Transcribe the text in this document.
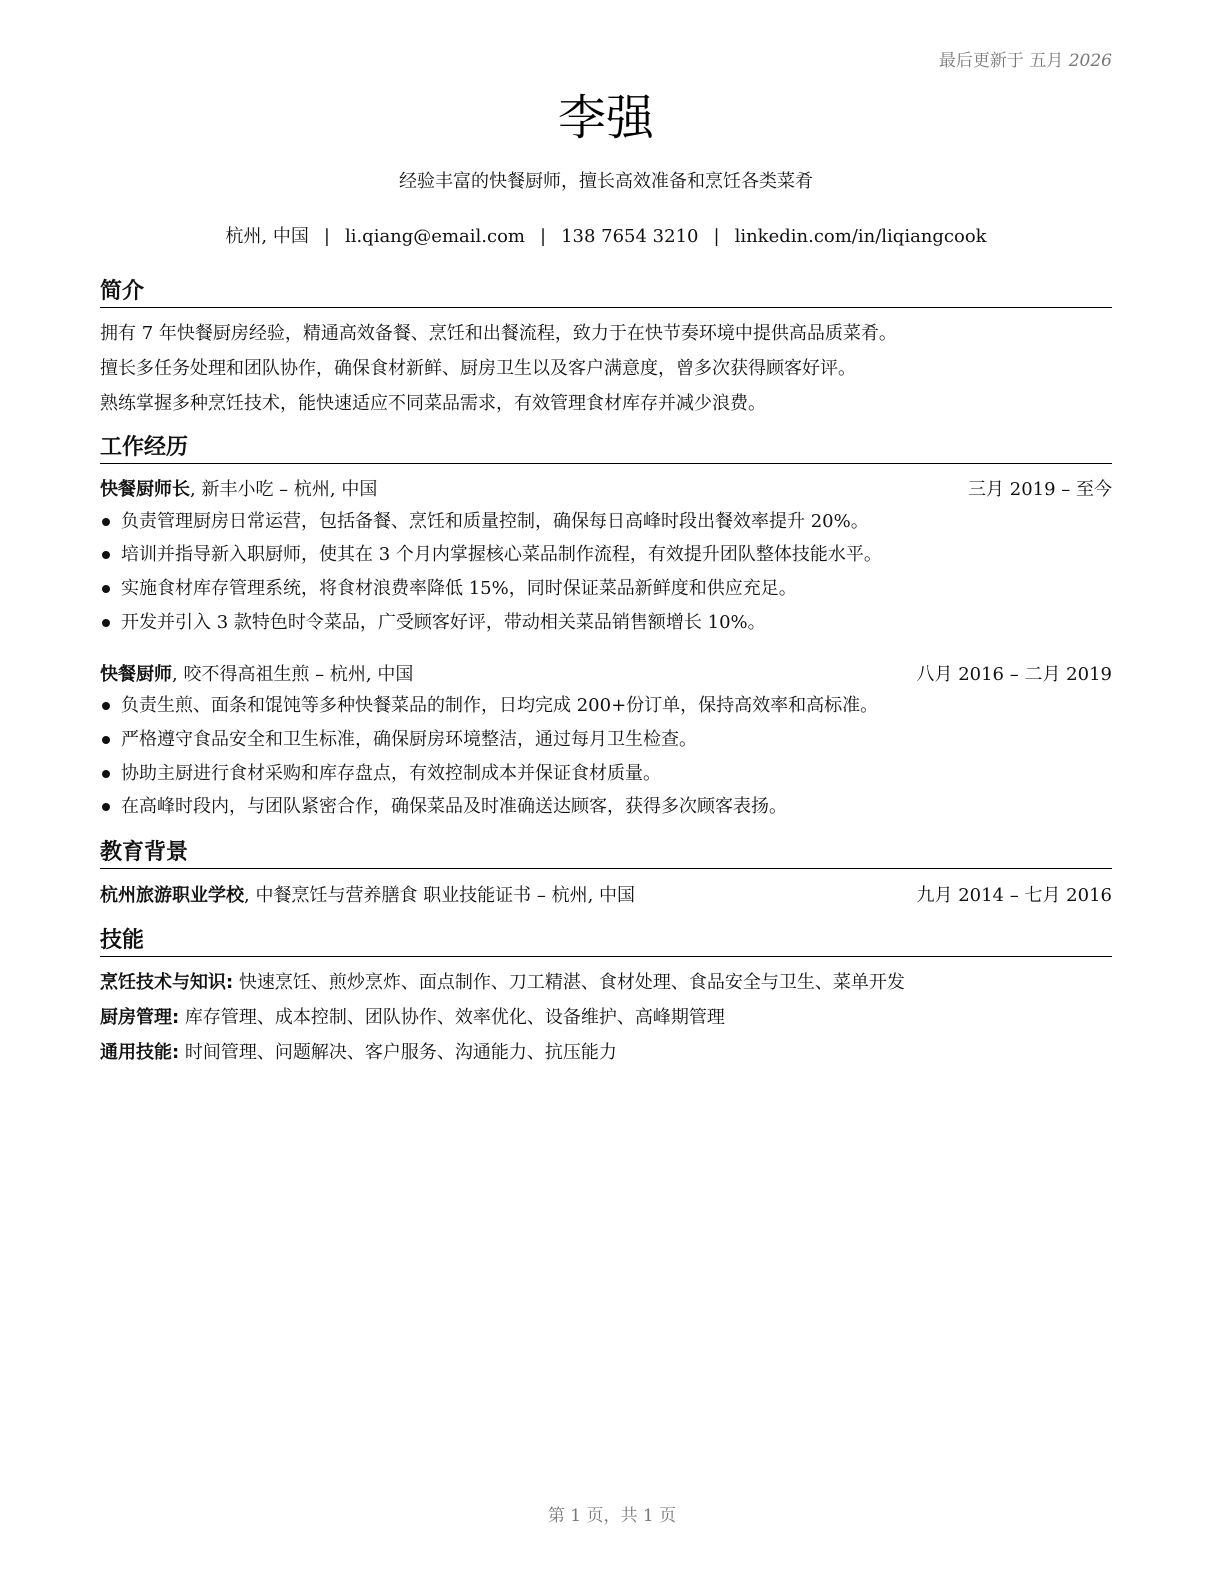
最后更新于 五月 2026
李强
经验丰富的快餐厨师，擅长高效准备和烹饪各类菜肴
杭州, 中国 | li.qiang@email.com | 138 7654 3210 | linkedin.com/in/liqiangcook
简介
拥有 7 年快餐厨房经验，精通高效备餐、烹饪和出餐流程，致力于在快节奏环境中提供高品质菜肴。
擅长多任务处理和团队协作，确保食材新鲜、厨房卫生以及客户满意度，曾多次获得顾客好评。
熟练掌握多种烹饪技术，能快速适应不同菜品需求，有效管理食材库存并减少浪费。
工作经历
快餐厨师长, 新丰小吃 – 杭州, 中国	三月 2019 – 至今
负责管理厨房日常运营，包括备餐、烹饪和质量控制，确保每日高峰时段出餐效率提升 20%。
培训并指导新入职厨师，使其在 3 个月内掌握核心菜品制作流程，有效提升团队整体技能水平。
实施食材库存管理系统，将食材浪费率降低 15%，同时保证菜品新鲜度和供应充足。
开发并引入 3 款特色时令菜品，广受顾客好评，带动相关菜品销售额增长 10%。
快餐厨师, 咬不得高祖生煎 – 杭州, 中国	八月 2016 – 二月 2019
负责生煎、面条和馄饨等多种快餐菜品的制作，日均完成 200+份订单，保持高效率和高标准。
严格遵守食品安全和卫生标准，确保厨房环境整洁，通过每月卫生检查。
协助主厨进行食材采购和库存盘点，有效控制成本并保证食材质量。
在高峰时段内，与团队紧密合作，确保菜品及时准确送达顾客，获得多次顾客表扬。
教育背景
杭州旅游职业学校, 中餐烹饪与营养膳食 职业技能证书 – 杭州, 中国	九月 2014 – 七月 2016
技能
烹饪技术与知识: 快速烹饪、煎炒烹炸、面点制作、刀工精湛、食材处理、食品安全与卫生、菜单开发
厨房管理: 库存管理、成本控制、团队协作、效率优化、设备维护、高峰期管理
通用技能: 时间管理、问题解决、客户服务、沟通能力、抗压能力
第 1 页，共 1 页
